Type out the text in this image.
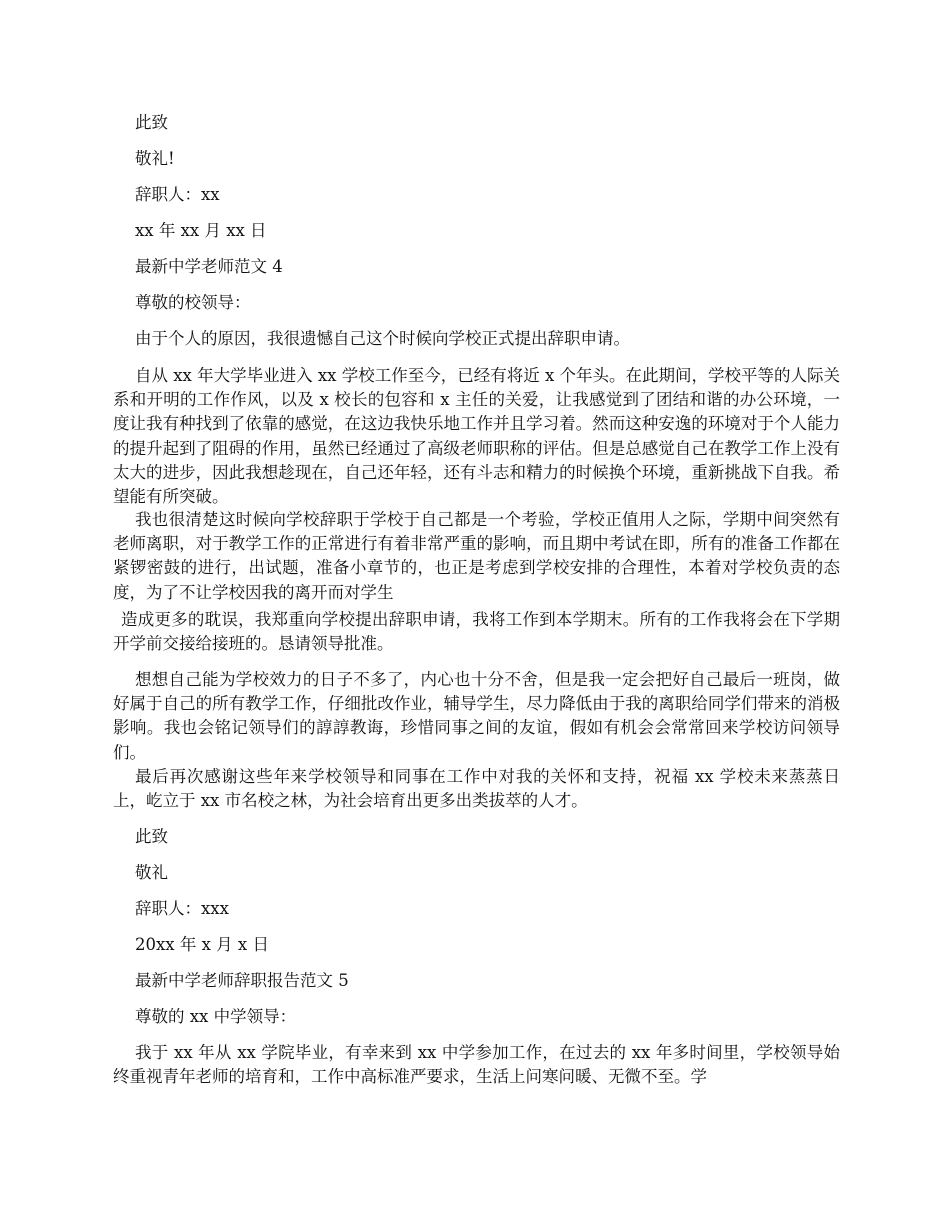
此致

敬礼!

辞职人：xx

xx 年 xx 月 xx 日

最新中学老师范文 4

尊敬的校领导：

由于个人的原因，我很遗憾自己这个时候向学校正式提出辞职申请。

自从 xx 年大学毕业进入 xx 学校工作至今，已经有将近 x 个年头。在此期间，学校平等的人际关系和开明的工作作风，以及 x 校长的包容和 x 主任的关爱，让我感觉到了团结和谐的办公环境，一度让我有种找到了依靠的感觉，在这边我快乐地工作并且学习着。然而这种安逸的环境对于个人能力的提升起到了阻碍的作用，虽然已经通过了高级老师职称的评估。但是总感觉自己在教学工作上没有太大的进步，因此我想趁现在，自己还年轻，还有斗志和精力的时候换个环境，重新挑战下自我。希望能有所突破。

我也很清楚这时候向学校辞职于学校于自己都是一个考验，学校正值用人之际，学期中间突然有老师离职，对于教学工作的正常进行有着非常严重的影响，而且期中考试在即，所有的准备工作都在紧锣密鼓的进行，出试题，准备小章节的，也正是考虑到学校安排的合理性，本着对学校负责的态度，为了不让学校因我的离开而对学生

造成更多的耽误，我郑重向学校提出辞职申请，我将工作到本学期末。所有的工作我将会在下学期开学前交接给接班的。恳请领导批准。

想想自己能为学校效力的日子不多了，内心也十分不舍，但是我一定会把好自己最后一班岗，做好属于自己的所有教学工作，仔细批改作业，辅导学生，尽力降低由于我的离职给同学们带来的消极影响。我也会铭记领导们的諄諄教诲，珍惜同事之间的友谊，假如有机会会常常回来学校访问领导们。

最后再次感谢这些年来学校领导和同事在工作中对我的关怀和支持，祝福 xx 学校未来蒸蒸日上，屹立于 xx 市名校之林，为社会培育出更多出类拔萃的人才。

此致

敬礼

辞职人：xxx

20xx 年 x 月 x 日

最新中学老师辞职报告范文 5

尊敬的 xx 中学领导：

我于 xx 年从 xx 学院毕业，有幸来到 xx 中学参加工作，在过去的 xx 年多时间里，学校领导始终重视青年老师的培育和，工作中高标准严要求，生活上问寒问暖、无微不至。学
